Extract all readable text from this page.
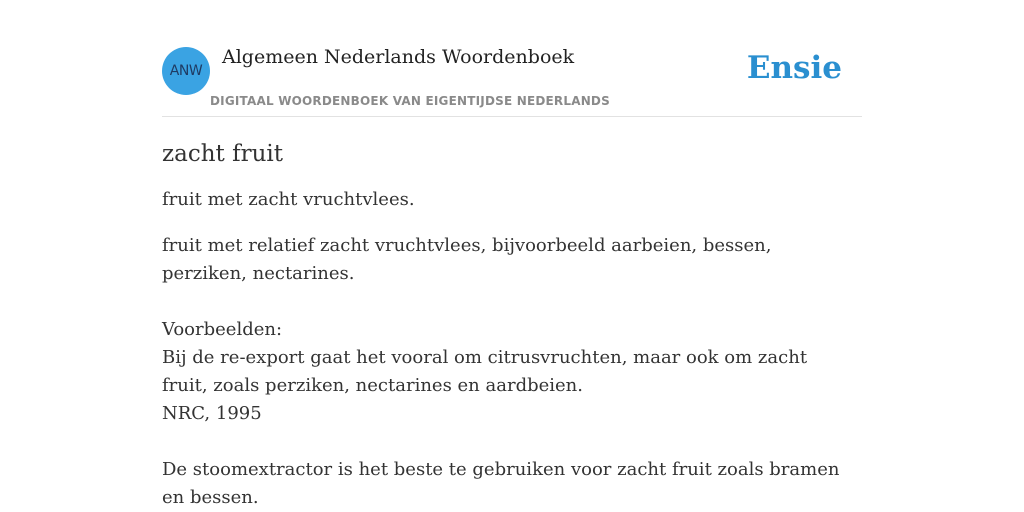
ANW
Algemeen Nederlands Woordenboek
DIGITAAL WOORDENBOEK VAN EIGENTIJDSE NEDERLANDS
Ensie
zacht fruit

fruit met zacht vruchtvlees.

fruit met relatief zacht vruchtvlees, bijvoorbeeld aarbeien, bessen, perziken, nectarines.

Voorbeelden:

Bij de re-export gaat het vooral om citrusvruchten, maar ook om zacht fruit, zoals perziken, nectarines en aardbeien.

NRC, 1995

De stoomextractor is het beste te gebruiken voor zacht fruit zoals bramen en bessen.
